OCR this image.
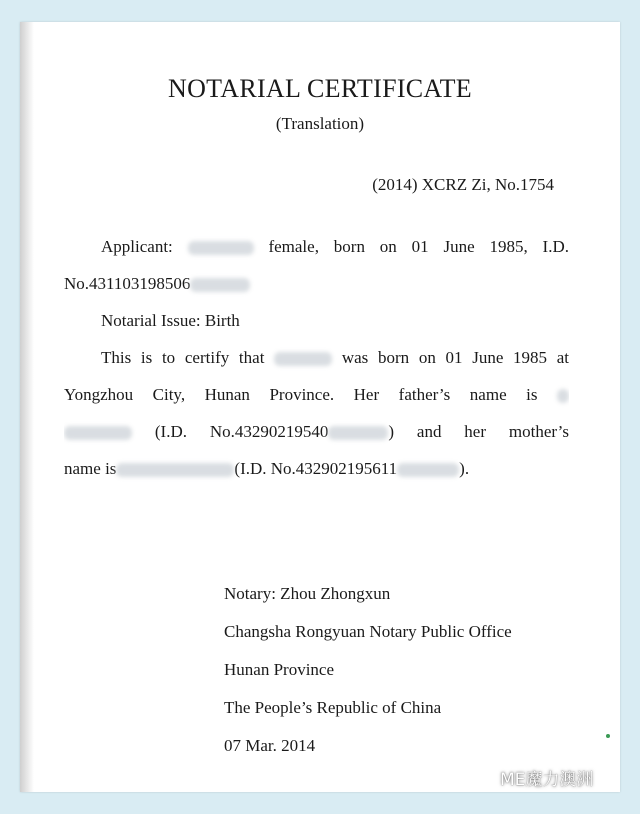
NOTARIAL CERTIFICATE
(Translation)
(2014) XCRZ Zi, No.1754
Applicant:	female, born on 01 June 1985, I.D.
No.431103198506
Notarial Issue: Birth
This is to certify that	was born on 01 June 1985 at
Yongzhou City, Hunan Province. Her father’s name is
(I.D. No.43290219540	) and her mother’s
name is	(I.D. No.432902195611	).
Notary: Zhou Zhongxun
Changsha Rongyuan Notary Public Office
Hunan Province
The People’s Republic of China
07 Mar. 2014
ME魔力澳洲
